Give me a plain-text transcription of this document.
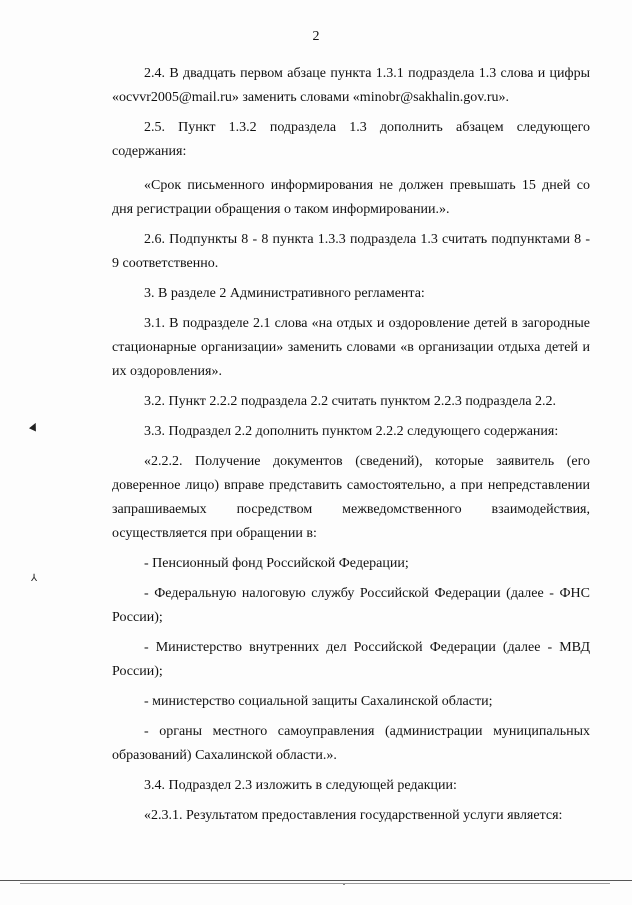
2

2.4. В двадцать первом абзаце пункта 1.3.1 подраздела 1.3 слова и цифры «ocvvr2005@mail.ru» заменить словами «minobr@sakhalin.gov.ru».

2.5. Пункт 1.3.2 подраздела 1.3 дополнить абзацем следующего содержания:

«Срок письменного информирования не должен превышать 15 дней со дня регистрации обращения о таком информировании.».

2.6. Подпункты 8 - 8 пункта 1.3.3 подраздела 1.3 считать подпунктами 8 - 9 соответственно.

3. В разделе 2 Административного регламента:

3.1. В подразделе 2.1 слова «на отдых и оздоровление детей в загородные стационарные организации» заменить словами «в организации отдыха детей и их оздоровления».

3.2. Пункт 2.2.2 подраздела 2.2 считать пунктом 2.2.3 подраздела 2.2.

3.3. Подраздел 2.2 дополнить пунктом 2.2.2 следующего содержания:

«2.2.2. Получение документов (сведений), которые заявитель (его доверенное лицо) вправе представить самостоятельно, а при непредставлении запрашиваемых посредством межведомственного взаимодействия, осуществляется при обращении в:

- Пенсионный фонд Российской Федерации;

- Федеральную налоговую службу Российской Федерации (далее - ФНС России);

- Министерство внутренних дел Российской Федерации (далее - МВД России);

- министерство социальной защиты Сахалинской области;

- органы местного самоуправления (администрации муниципальных образований) Сахалинской области.».

3.4. Подраздел 2.3 изложить в следующей редакции:

«2.3.1. Результатом предоставления государственной услуги является:

▲
⅄
